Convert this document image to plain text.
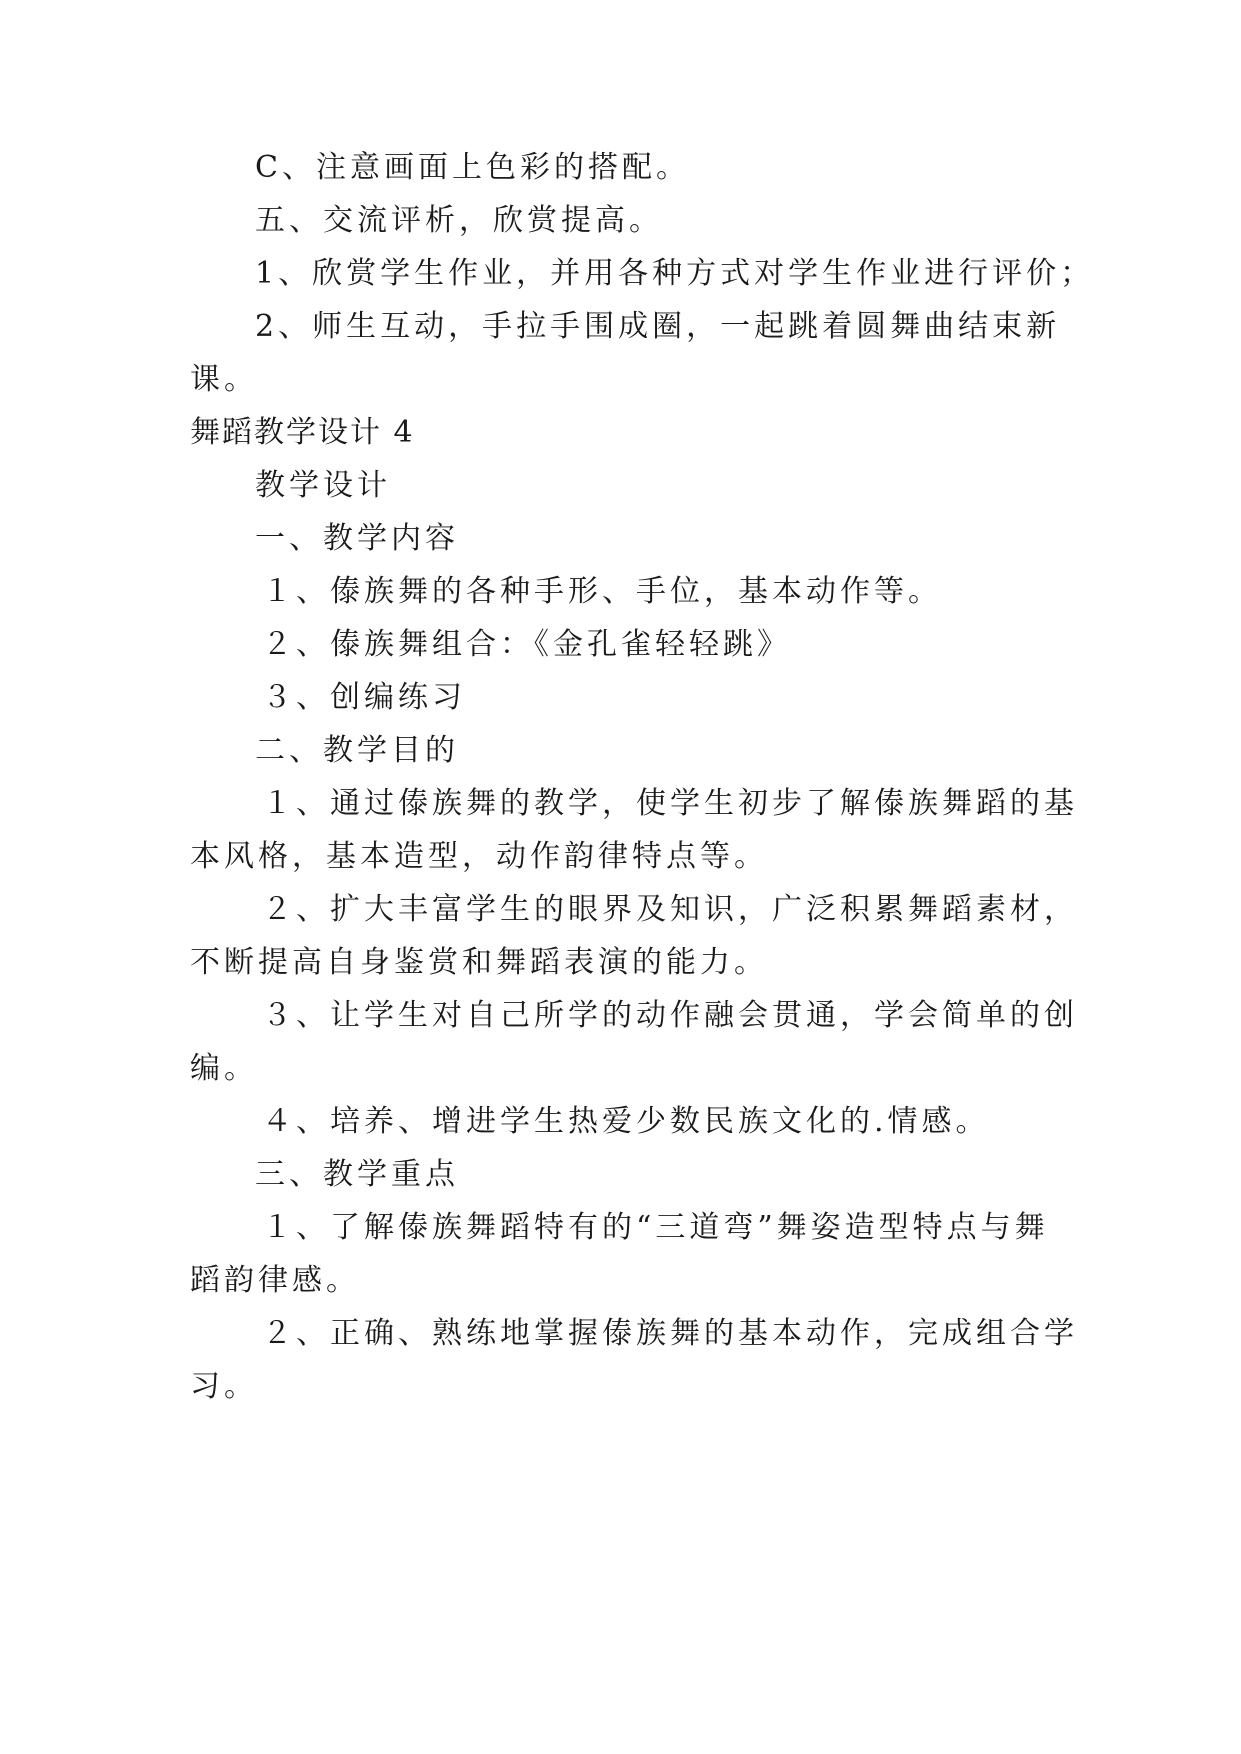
C、注意画面上色彩的搭配。
五、交流评析，欣赏提高。
1、欣赏学生作业，并用各种方式对学生作业进行评价；
2、师生互动，手拉手围成圈，一起跳着圆舞曲结束新
课。
舞蹈教学设计 4
教学设计
一、教学内容
１、傣族舞的各种手形、手位，基本动作等。
２、傣族舞组合：《金孔雀轻轻跳》
３、创编练习
二、教学目的
１、通过傣族舞的教学，使学生初步了解傣族舞蹈的基
本风格，基本造型，动作韵律特点等。
２、扩大丰富学生的眼界及知识，广泛积累舞蹈素材，
不断提高自身鉴赏和舞蹈表演的能力。
３、让学生对自己所学的动作融会贯通，学会简单的创
编。
４、培养、增进学生热爱少数民族文化的.情感。
三、教学重点
１、了解傣族舞蹈特有的“三道弯”舞姿造型特点与舞
蹈韵律感。
２、正确、熟练地掌握傣族舞的基本动作，完成组合学
习。
